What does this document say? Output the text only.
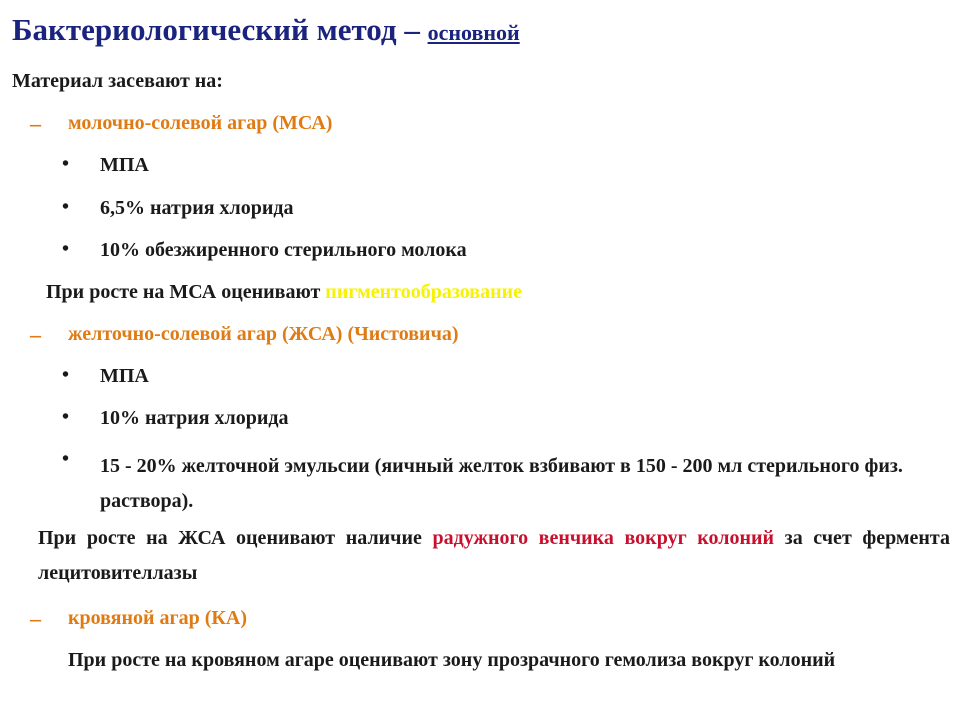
Бактериологический метод – основной
Материал засевают на:
– молочно-солевой агар (МСА)
• МПА
• 6,5% натрия хлорида
• 10% обезжиренного стерильного молока
При росте на МСА оценивают пигментообразование
– желточно-солевой агар (ЖСА) (Чистовича)
• МПА
• 10% натрия хлорида
• 15 - 20% желточной эмульсии (яичный желток взбивают в 150 - 200 мл стерильного физ. раствора).
При росте на ЖСА оценивают наличие радужного венчика вокруг колоний за счет фермента лецитовителлазы
– кровяной агар (КА)
При росте на кровяном агаре оценивают зону прозрачного гемолиза вокруг колоний
